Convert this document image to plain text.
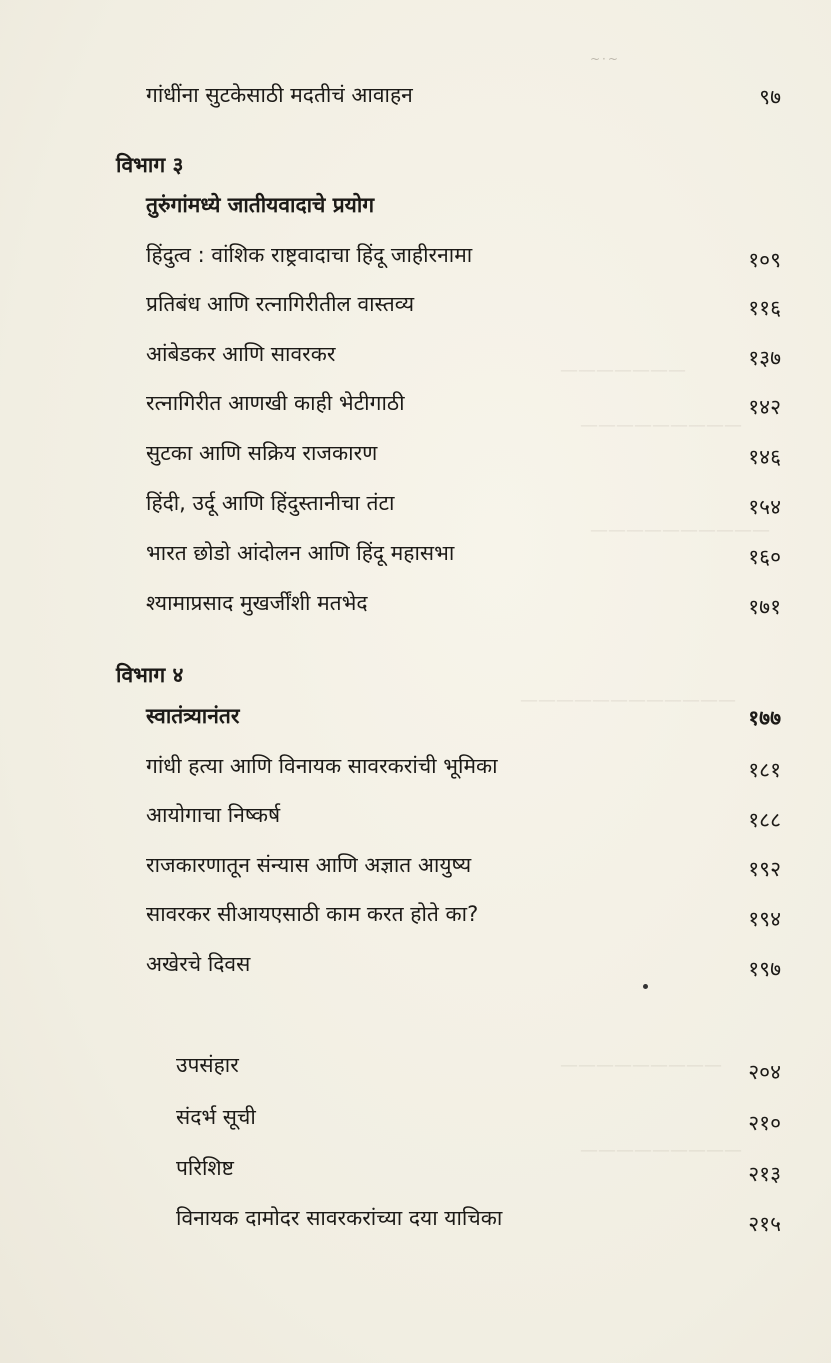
———————
—————————
——————————
————————————
—————————
—————————
~·~
गांधींना सुटकेसाठी मदतीचं आवाहन	९७
विभाग ३
तुरुंगांमध्ये जातीयवादाचे प्रयोग
हिंदुत्व : वांशिक राष्ट्रवादाचा हिंदू जाहीरनामा	१०९
प्रतिबंध आणि रत्नागिरीतील वास्तव्य	११६
आंबेडकर आणि सावरकर	१३७
रत्नागिरीत आणखी काही भेटीगाठी	१४२
सुटका आणि सक्रिय राजकारण	१४६
हिंदी, उर्दू आणि हिंदुस्तानीचा तंटा	१५४
भारत छोडो आंदोलन आणि हिंदू महासभा	१६०
श्यामाप्रसाद मुखर्जींशी मतभेद	१७१
विभाग ४
स्वातंत्र्यानंतर	१७७
गांधी हत्या आणि विनायक सावरकरांची भूमिका	१८१
आयोगाचा निष्कर्ष	१८८
राजकारणातून संन्यास आणि अज्ञात आयुष्य	१९२
सावरकर सीआयएसाठी काम करत होते का?	१९४
अखेरचे दिवस	१९७
उपसंहार	२०४
संदर्भ सूची	२१०
परिशिष्ट	२१३
विनायक दामोदर सावरकरांच्या दया याचिका	२१५
